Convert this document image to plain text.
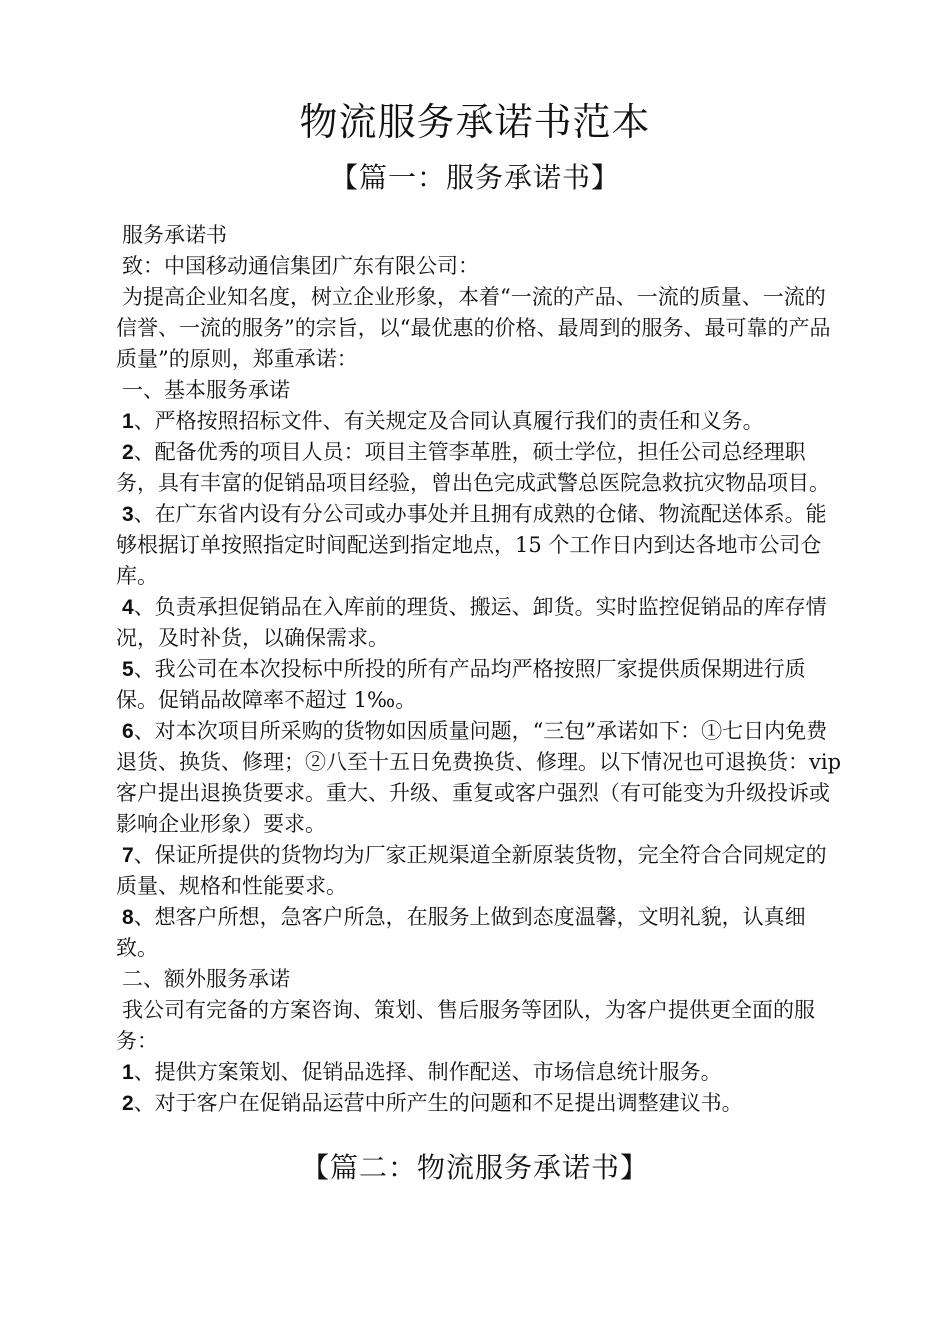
物流服务承诺书范本
【篇一：服务承诺书】

服务承诺书

致：中国移动通信集团广东有限公司：

为提高企业知名度，树立企业形象，本着“一流的产品、一流的质量、一流的信誉、一流的服务”的宗旨，以“最优惠的价格、最周到的服务、最可靠的产品质量”的原则，郑重承诺：

一、基本服务承诺

1、严格按照招标文件、有关规定及合同认真履行我们的责任和义务。

2、配备优秀的项目人员：项目主管李革胜，硕士学位，担任公司总经理职务，具有丰富的促销品项目经验，曾出色完成武警总医院急救抗灾物品项目。

3、在广东省内设有分公司或办事处并且拥有成熟的仓储、物流配送体系。能够根据订单按照指定时间配送到指定地点，15 个工作日内到达各地市公司仓库。

4、负责承担促销品在入库前的理货、搬运、卸货。实时监控促销品的库存情况，及时补货，以确保需求。

5、我公司在本次投标中所投的所有产品均严格按照厂家提供质保期进行质保。促销品故障率不超过 1‰。

6、对本次项目所采购的货物如因质量问题，“三包”承诺如下：①七日内免费退货、换货、修理；②八至十五日免费换货、修理。以下情况也可退换货：vip 客户提出退换货要求。重大、升级、重复或客户强烈（有可能变为升级投诉或影响企业形象）要求。

7、保证所提供的货物均为厂家正规渠道全新原装货物，完全符合合同规定的质量、规格和性能要求。

8、想客户所想，急客户所急，在服务上做到态度温馨，文明礼貌，认真细致。

二、额外服务承诺

我公司有完备的方案咨询、策划、售后服务等团队，为客户提供更全面的服务：

1、提供方案策划、促销品选择、制作配送、市场信息统计服务。

2、对于客户在促销品运营中所产生的问题和不足提出调整建议书。

【篇二：物流服务承诺书】
